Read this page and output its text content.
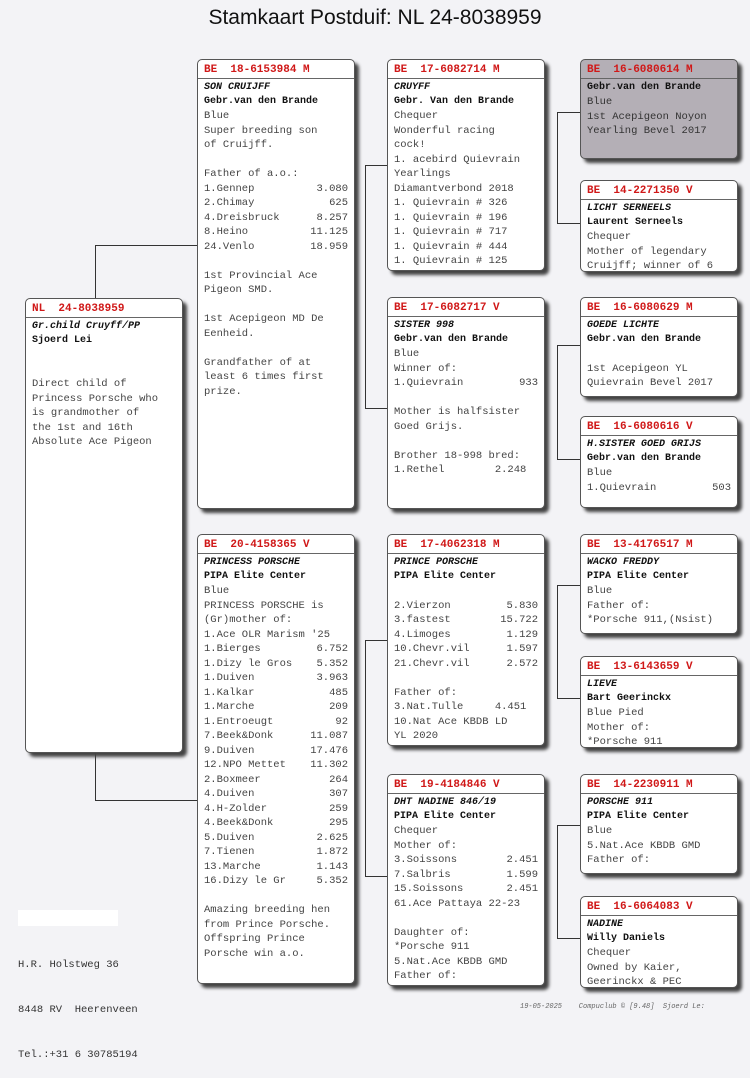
Stamkaart Postduif: NL 24-8038959
NL  24-8038959
Gr.child Cruyff/PP
Sjoerd Lei
Direct child of
Princess Porsche who
is grandmother of
the 1st and 16th
Absolute Ace Pigeon
BE  18-6153984 M
SON CRUIJFF
Gebr.van den Brande
Blue
Super breeding son
of Cruijff.
Father of a.o.:
1.Gennep	3.080
2.Chimay	625
4.Dreisbruck	8.257
8.Heino	11.125
24.Venlo	18.959
1st Provincial Ace
Pigeon SMD.
1st Acepigeon MD De
Eenheid.
Grandfather of at
least 6 times first
prize.
BE  20-4158365 V
PRINCESS PORSCHE
PIPA Elite Center
Blue
PRINCESS PORSCHE is
(Gr)mother of:
1.Ace OLR Marism '25
1.Bierges	6.752
1.Dizy le Gros 5.352
1.Duiven	3.963
1.Kalkar	485
1.Marche	209
1.Entroeugt	92
7.Beek&Donk	11.087
9.Duiven	17.476
12.NPO Mettet 11.302
2.Boxmeer	264
4.Duiven	307
4.H-Zolder	259
4.Beek&Donk	295
5.Duiven	2.625
7.Tienen	1.872
13.Marche	1.143
16.Dizy le Gr	5.352
Amazing breeding hen
from Prince Porsche.
Offspring Prince
Porsche win a.o.
BE  17-6082714 M
CRUYFF
Gebr. Van den Brande
Chequer
Wonderful racing
cock!
1. acebird Quievrain
Yearlings
Diamantverbond 2018
1. Quievrain # 326
1. Quievrain # 196
1. Quievrain # 717
1. Quievrain # 444
1. Quievrain # 125
BE  17-6082717 V
SISTER 998
Gebr.van den Brande
Blue
Winner of:
1.Quievrain	933
Mother is halfsister
Goed Grijs.
Brother 18-998 bred:
1.Rethel        2.248
BE  17-4062318 M
PRINCE PORSCHE
PIPA Elite Center
2.Vierzon	5.830
3.fastest	15.722
4.Limoges	1.129
10.Chevr.vil	1.597
21.Chevr.vil	2.572
Father of:
3.Nat.Tulle     4.451
10.Nat Ace KBDB LD
YL 2020
BE  19-4184846 V
DHT NADINE 846/19
PIPA Elite Center
Chequer
Mother of:
3.Soissons	2.451
7.Salbris	1.599
15.Soissons	2.451
61.Ace Pattaya 22-23
Daughter of:
*Porsche 911
5.Nat.Ace KBDB GMD
Father of:
BE  16-6080614 M
Gebr.van den Brande
Blue
1st Acepigeon Noyon
Yearling Bevel 2017
BE  14-2271350 V
LICHT SERNEELS
Laurent Serneels
Chequer
Mother of legendary
Cruijff; winner of 6
BE  16-6080629 M
GOEDE LICHTE
Gebr.van den Brande
1st Acepigeon YL
Quievrain Bevel 2017
BE  16-6080616 V
H.SISTER GOED GRIJS
Gebr.van den Brande
Blue
1.Quievrain	503
BE  13-4176517 M
WACKO FREDDY
PIPA Elite Center
Blue
Father of:
*Porsche 911,(Nsist)
BE  13-6143659 V
LIEVE
Bart Geerinckx
Blue Pied
Mother of:
*Porsche 911
BE  14-2230911 M
PORSCHE 911
PIPA Elite Center
Blue
5.Nat.Ace KBDB GMD
Father of:
BE  16-6064083 V
NADINE
Willy Daniels
Chequer
Owned by Kaier,
Geerinckx & PEC

H.R. Holstweg 36

8448 RV  Heerenveen

Tel.:+31 6 30785194

19-05-2025    Compuclub © [9.48]  Sjoerd Le:
